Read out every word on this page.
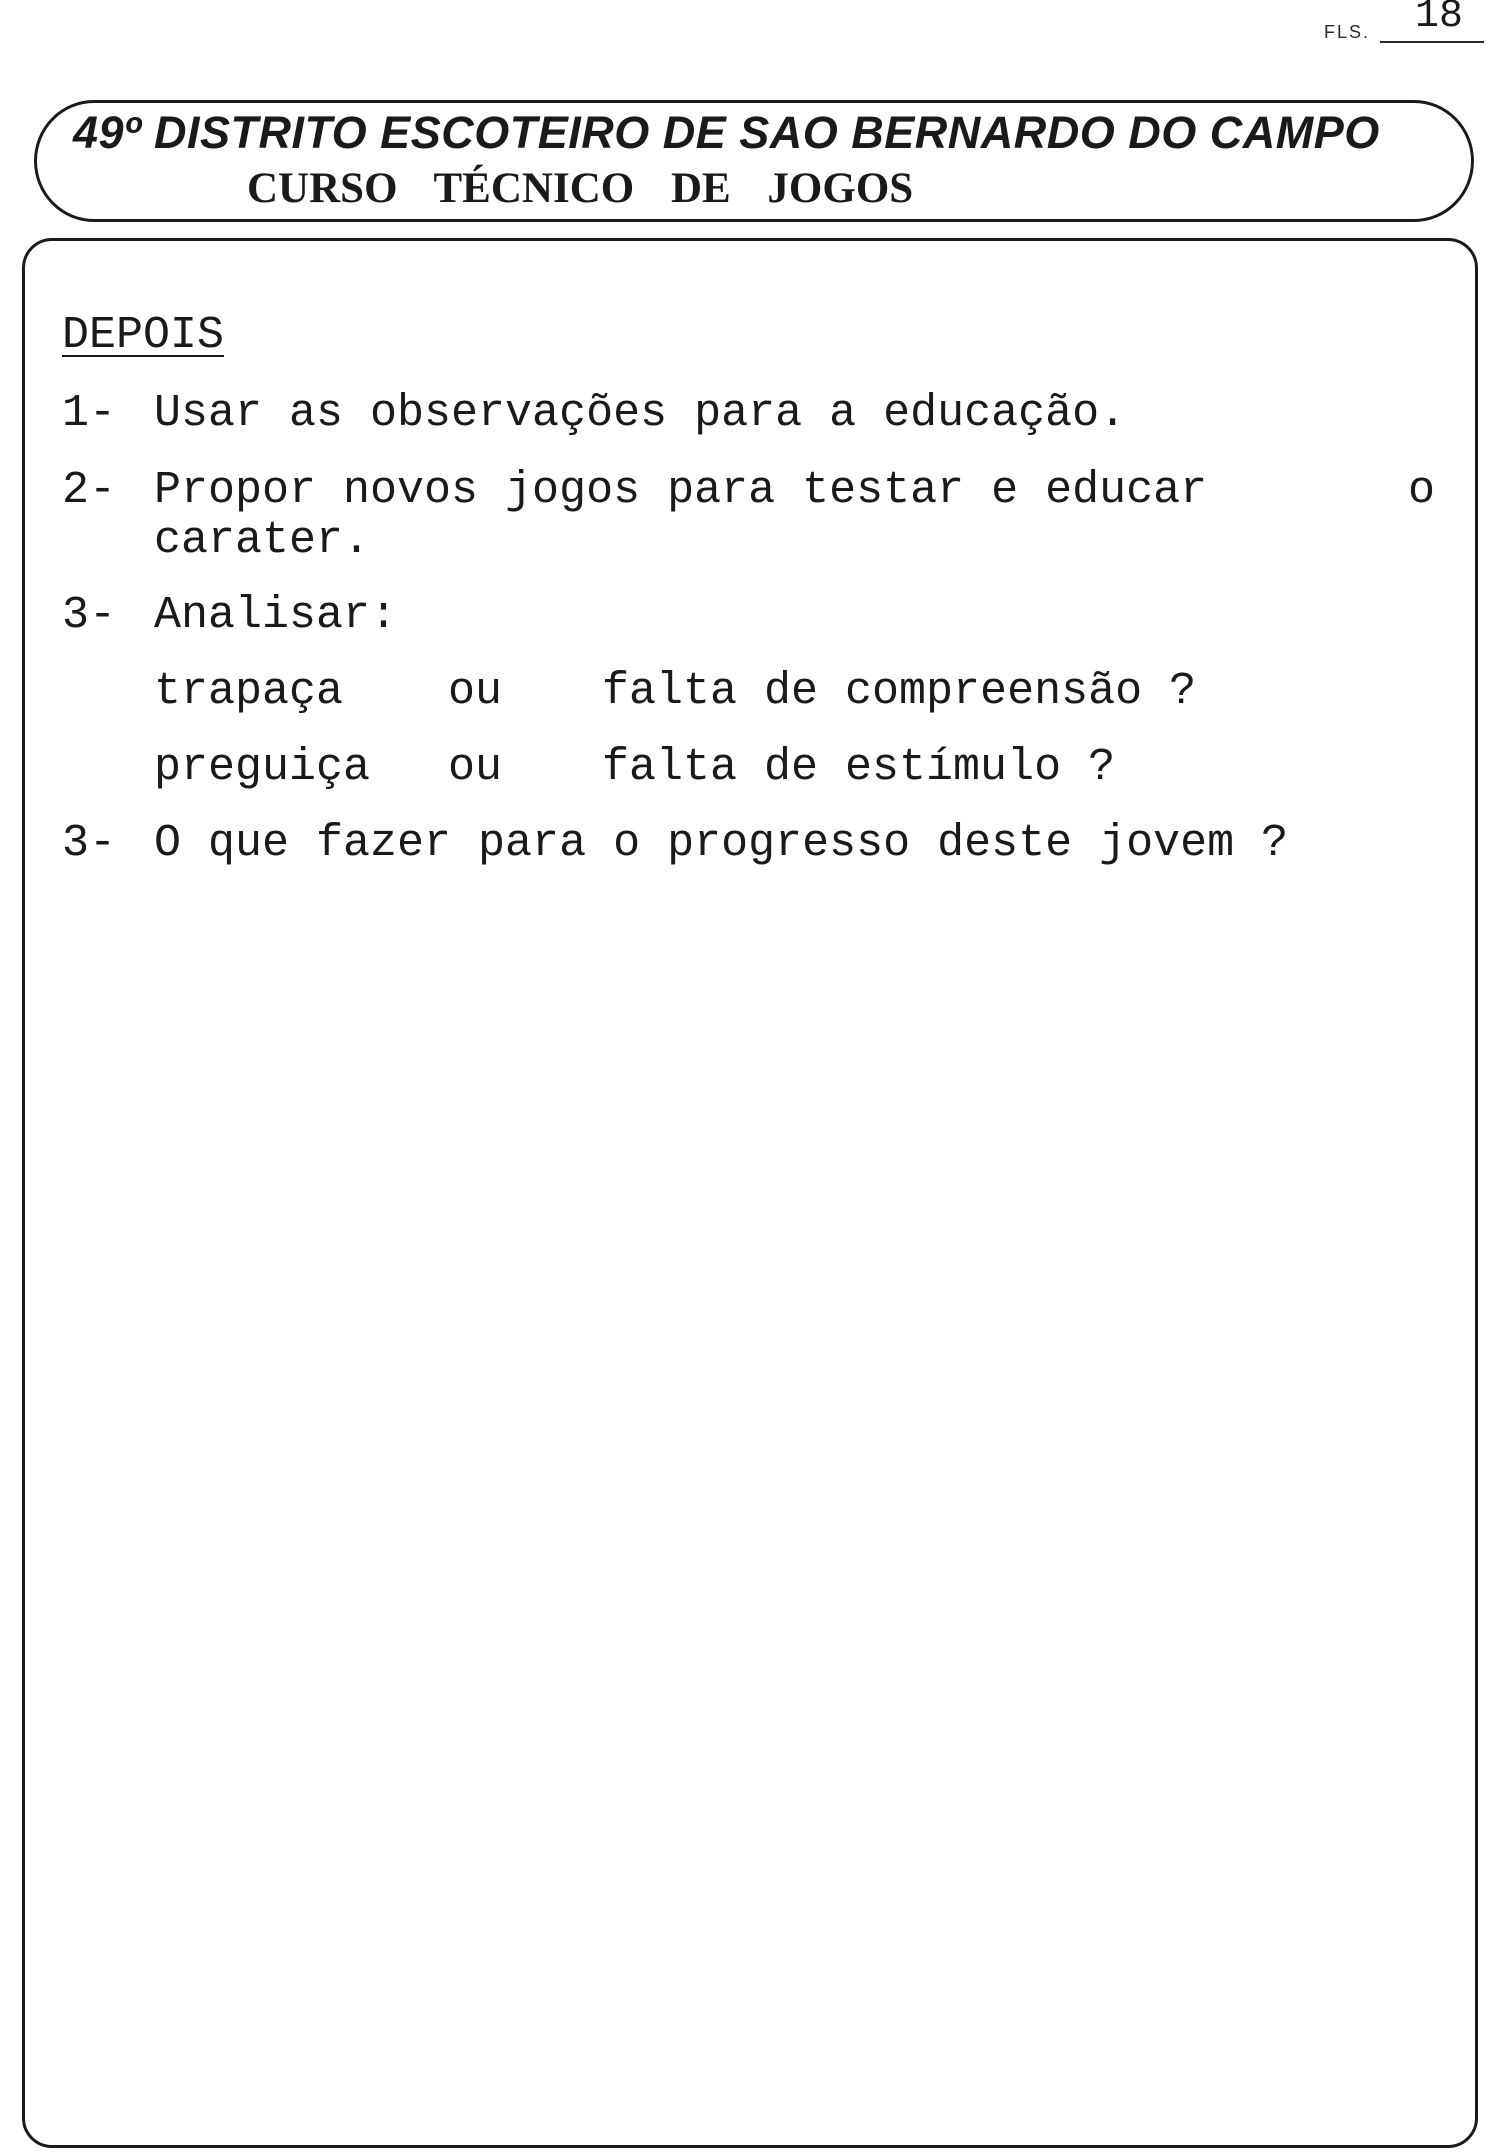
FLS.	18
49º DISTRITO ESCOTEIRO DE SAO BERNARDO DO CAMPO
CURSO TÉCNICO DE JOGOS
DEPOIS
1- Usar as observações para a educação.
2- Propor novos jogos para testar e educar	o
carater.
3- Analisar:
trapaça ou falta de compreensão ?
preguiça ou falta de estímulo ?
3- O que fazer para o progresso deste jovem ?
